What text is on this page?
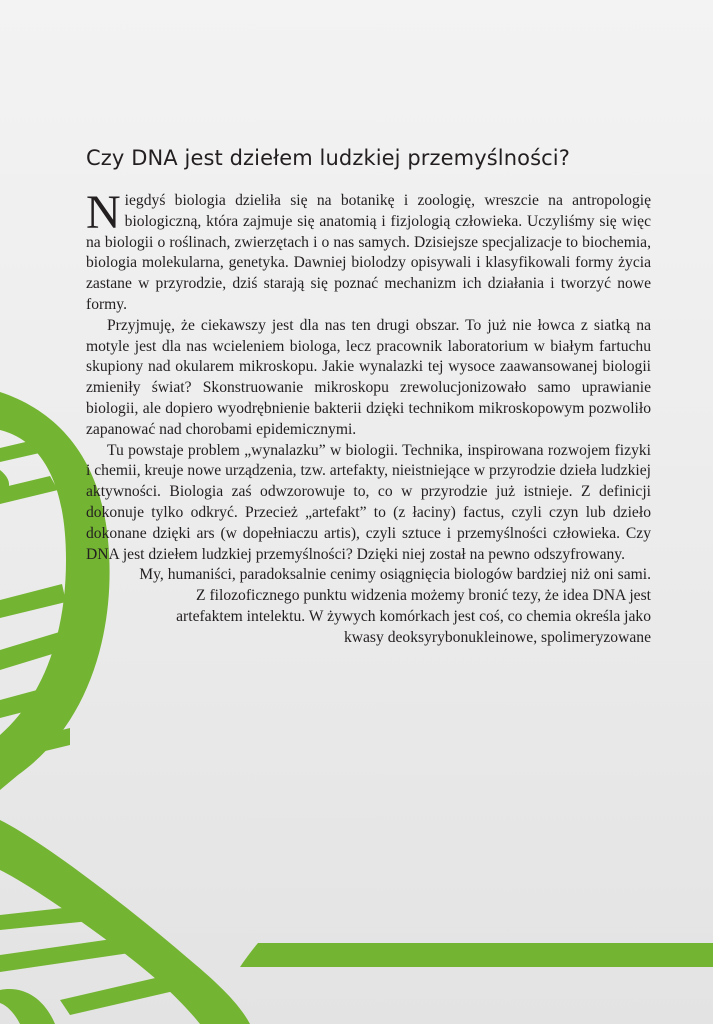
Czy DNA jest dziełem ludzkiej przemyślności?

Niegdyś biologia dzieliła się na botanikę i zoologię, wreszcie na antropologię biologiczną, która zajmuje się anatomią i fizjologią człowieka. Uczyliśmy się więc na biologii o roślinach, zwierzętach i o nas samych. Dzisiejsze specjalizacje to biochemia, biologia molekularna, genetyka. Dawniej biolodzy opisywali i klasyfikowali formy życia zastane w przyrodzie, dziś starają się poznać mechanizm ich działania i tworzyć nowe formy.

Przyjmuję, że ciekawszy jest dla nas ten drugi obszar. To już nie łowca z siatką na motyle jest dla nas wcieleniem biologa, lecz pracownik laboratorium w białym fartuchu skupiony nad okularem mikroskopu. Jakie wynalazki tej wysoce zaawansowanej biologii zmieniły świat? Skonstruowanie mikroskopu zrewolucjonizowało samo uprawianie biologii, ale dopiero wyodrębnienie bakterii dzięki technikom mikroskopowym pozwoliło zapanować nad chorobami epidemicznymi.

Tu powstaje problem „wynalazku” w biologii. Technika, inspirowana rozwojem fizyki i chemii, kreuje nowe urządzenia, tzw. artefakty, nieistniejące w przyrodzie dzieła ludzkiej aktywności. Biologia zaś odwzorowuje to, co w przyrodzie już istnieje. Z definicji dokonuje tylko odkryć. Przecież „artefakt” to (z łaciny) factus, czyli czyn lub dzieło dokonane dzięki ars (w dopełniaczu artis), czyli sztuce i przemyślności człowieka. Czy DNA jest dziełem ludzkiej przemyślności? Dzięki niej został na pewno odszyfrowany.

My, humaniści, paradoksalnie cenimy osiągnięcia biologów bardziej niż oni sami. Z filozoficznego punktu widzenia możemy bronić tezy, że idea DNA jest artefaktem intelektu. W żywych komórkach jest coś, co chemia określa jako kwasy deoksyrybonukleinowe, spolimeryzowane
